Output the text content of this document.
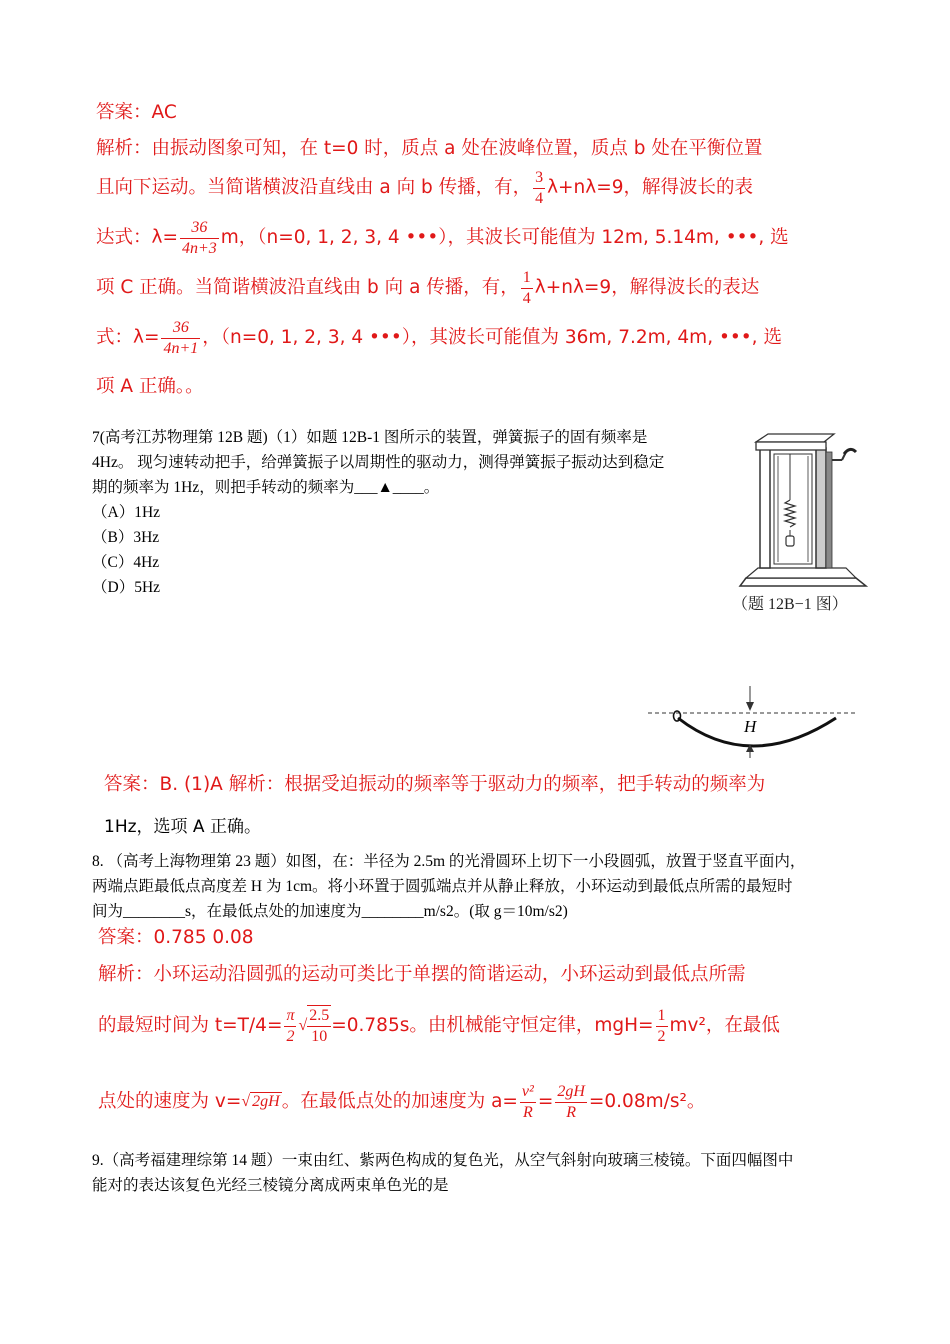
答案：AC
解析：由振动图象可知，在 t=0 时，质点 a 处在波峰位置，质点 b 处在平衡位置
且向下运动。当简谐横波沿直线由 a 向 b 传播，有， $\frac{3}{4} \lambda+n\lambda=9$，解得波长的表
达式：$\lambda= \frac{36}{4n+3}$ m，（n=0, 1, 2, 3, 4 •••），其波长可能值为 12m, 5.14m, •••, 选
项 C 正确。当简谐横波沿直线由 b 向 a 传播，有， $\frac{1}{4} \lambda+n\lambda=9$，解得波长的表达
式：$\lambda= \frac{36}{4n+1}$ ，（n=0, 1, 2, 3, 4 •••），其波长可能值为 36m, 7.2m, 4m, •••, 选
项 A 正确。。
7(高考江苏物理第 12B 题)（1）如题 12B-1 图所示的装置，弹簧振子的固有频率是
4Hz。 现匀速转动把手，给弹簧振子以周期性的驱动力，测得弹簧振子振动达到稳定
期的频率为 1Hz，则把手转动的频率为___▲____。
（A）1Hz
（B）3Hz
（C）4Hz
（D）5Hz
（题 12B−1 图）
H
答案：B. (1)A 解析：根据受迫振动的频率等于驱动力的频率，把手转动的频率为
1Hz，选项 A 正确。
8. （高考上海物理第 23 题）如图，在：半径为 2.5m 的光滑圆环上切下一小段圆弧，放置于竖直平面内，
两端点距最低点高度差 H 为 1cm。将小环置于圆弧端点并从静止释放，小环运动到最低点所需的最短时
间为________s，在最低点处的加速度为________m/s2。(取 g＝10m/s2)
答案：0.785 0.08
解析：小环运动沿圆弧的运动可类比于单摆的简谐运动，小环运动到最低点所需
的最短时间为 $t=T/4= \frac{\pi}{2}$ √ $\frac{2.5}{10} =0.785s$。由机械能守恒定律，$mgH= \frac{1}{2} mv^2$，在最低
点处的速度为 v=√ 2gH 。在最低点处的加速度为 $a= \frac{\text{v²}}{R} = \frac{2gH}{R} =0.08m/s^2$。
9.（高考福建理综第 14 题）一束由红、紫两色构成的复色光，从空气斜射向玻璃三棱镜。下面四幅图中
能对的表达该复色光经三棱镜分离成两束单色光的是
